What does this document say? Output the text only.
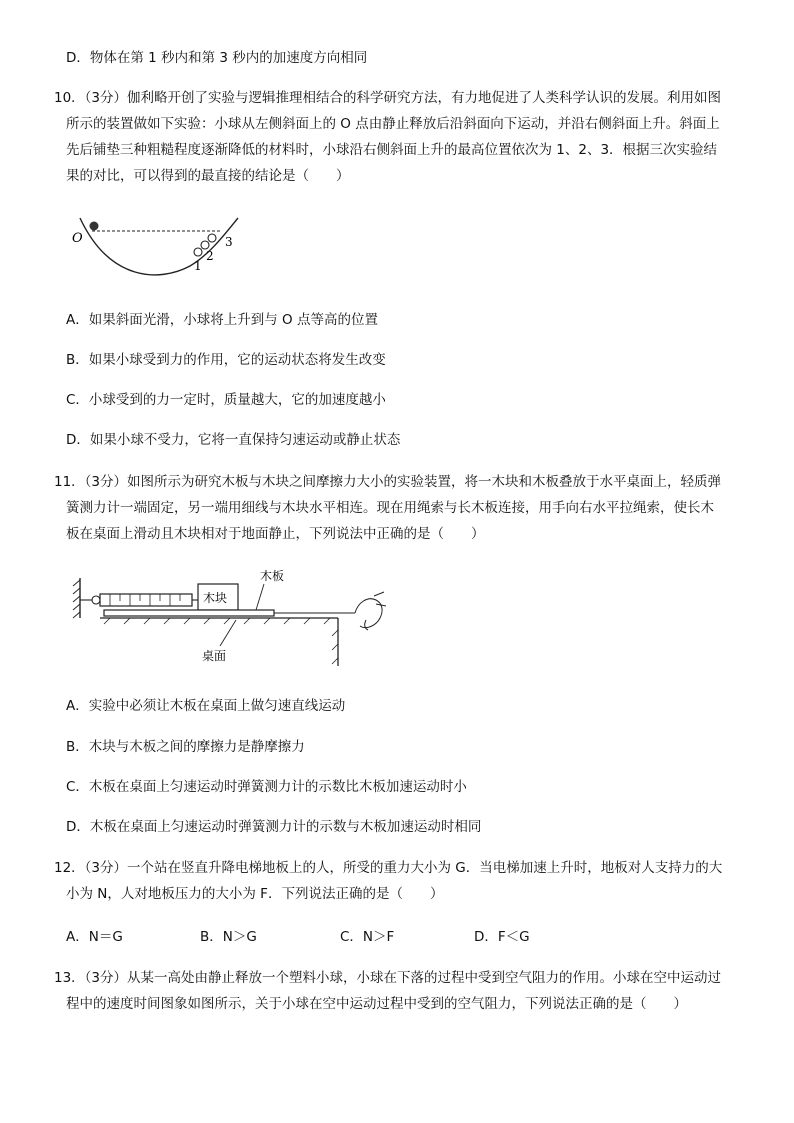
D．物体在第 1 秒内和第 3 秒内的加速度方向相同
10．（3分）伽利略开创了实验与逻辑推理相结合的科学研究方法，有力地促进了人类科学认识的发展。利用如图
所示的装置做如下实验：小球从左侧斜面上的 O 点由静止释放后沿斜面向下运动，并沿右侧斜面上升。斜面上
先后铺垫三种粗糙程度逐渐降低的材料时，小球沿右侧斜面上升的最高位置依次为 1、2、3．根据三次实验结
果的对比，可以得到的最直接的结论是（　　）
O
1
2
3
A．如果斜面光滑，小球将上升到与 O 点等高的位置
B．如果小球受到力的作用，它的运动状态将发生改变
C．小球受到的力一定时，质量越大，它的加速度越小
D．如果小球不受力，它将一直保持匀速运动或静止状态
11．（3分）如图所示为研究木板与木块之间摩擦力大小的实验装置，将一木块和木板叠放于水平桌面上，轻质弹
簧测力计一端固定，另一端用细线与木块水平相连。现在用绳索与长木板连接，用手向右水平拉绳索，使长木
板在桌面上滑动且木块相对于地面静止，下列说法中正确的是（　　）
木块
木板
桌面
A．实验中必须让木板在桌面上做匀速直线运动
B．木块与木板之间的摩擦力是静摩擦力
C．木板在桌面上匀速运动时弹簧测力计的示数比木板加速运动时小
D．木板在桌面上匀速运动时弹簧测力计的示数与木板加速运动时相同
12．（3分）一个站在竖直升降电梯地板上的人，所受的重力大小为 G．当电梯加速上升时，地板对人支持力的大
小为 N，人对地板压力的大小为 F．下列说法正确的是（　　）
A．N＝G	B．N＞G	C．N＞F	D．F＜G
13．（3分）从某一高处由静止释放一个塑料小球，小球在下落的过程中受到空气阻力的作用。小球在空中运动过
程中的速度时间图象如图所示，关于小球在空中运动过程中受到的空气阻力，下列说法正确的是（　　）
